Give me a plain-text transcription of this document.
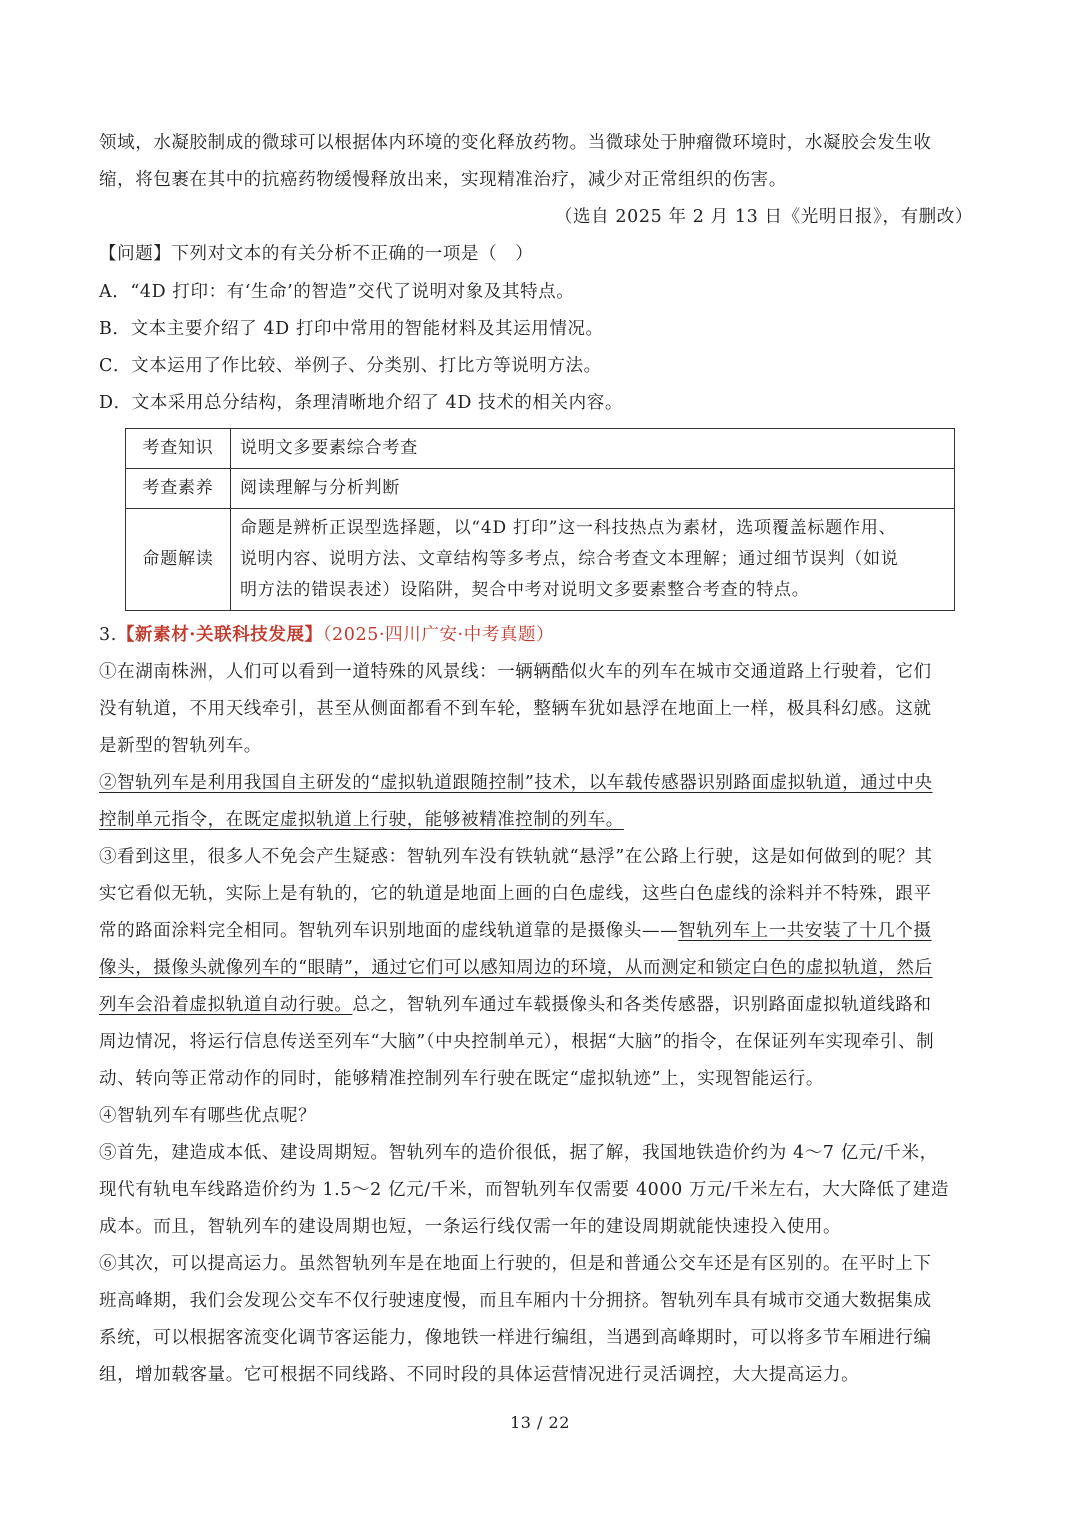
领域，水凝胶制成的微球可以根据体内环境的变化释放药物。当微球处于肿瘤微环境时，水凝胶会发生收
缩，将包裹在其中的抗癌药物缓慢释放出来，实现精准治疗，减少对正常组织的伤害。
（选自 2025 年 2 月 13 日《光明日报》，有删改）
【问题】下列对文本的有关分析不正确的一项是（　）
A．“4D 打印：有‘生命’的智造”交代了说明对象及其特点。
B．文本主要介绍了 4D 打印中常用的智能材料及其运用情况。
C．文本运用了作比较、举例子、分类别、打比方等说明方法。
D．文本采用总分结构，条理清晰地介绍了 4D 技术的相关内容。
考查知识	说明文多要素综合考查
考查素养	阅读理解与分析判断
命题解读	命题是辨析正误型选择题，以“4D 打印”这一科技热点为素材，选项覆盖标题作用、
说明内容、说明方法、文章结构等多考点，综合考查文本理解；通过细节误判（如说
明方法的错误表述）设陷阱，契合中考对说明文多要素整合考查的特点。
3.【新素材·关联科技发展】（2025·四川广安·中考真题）
①在湖南株洲，人们可以看到一道特殊的风景线：一辆辆酷似火车的列车在城市交通道路上行驶着，它们
没有轨道，不用天线牵引，甚至从侧面都看不到车轮，整辆车犹如悬浮在地面上一样，极具科幻感。这就
是新型的智轨列车。
②智轨列车是利用我国自主研发的“虚拟轨道跟随控制”技术，以车载传感器识别路面虚拟轨道，通过中央
控制单元指令，在既定虚拟轨道上行驶，能够被精准控制的列车。
③看到这里，很多人不免会产生疑惑：智轨列车没有铁轨就“悬浮”在公路上行驶，这是如何做到的呢？其
实它看似无轨，实际上是有轨的，它的轨道是地面上画的白色虚线，这些白色虚线的涂料并不特殊，跟平
常的路面涂料完全相同。智轨列车识别地面的虚线轨道靠的是摄像头——智轨列车上一共安装了十几个摄
像头，摄像头就像列车的“眼睛”，通过它们可以感知周边的环境，从而测定和锁定白色的虚拟轨道，然后
列车会沿着虚拟轨道自动行驶。总之，智轨列车通过车载摄像头和各类传感器，识别路面虚拟轨道线路和
周边情况，将运行信息传送至列车“大脑”（中央控制单元），根据“大脑”的指令，在保证列车实现牵引、制
动、转向等正常动作的同时，能够精准控制列车行驶在既定“虚拟轨迹”上，实现智能运行。
④智轨列车有哪些优点呢？
⑤首先，建造成本低、建设周期短。智轨列车的造价很低，据了解，我国地铁造价约为 4～7 亿元/千米，
现代有轨电车线路造价约为 1.5～2 亿元/千米，而智轨列车仅需要 4000 万元/千米左右，大大降低了建造
成本。而且，智轨列车的建设周期也短，一条运行线仅需一年的建设周期就能快速投入使用。
⑥其次，可以提高运力。虽然智轨列车是在地面上行驶的，但是和普通公交车还是有区别的。在平时上下
班高峰期，我们会发现公交车不仅行驶速度慢，而且车厢内十分拥挤。智轨列车具有城市交通大数据集成
系统，可以根据客流变化调节客运能力，像地铁一样进行编组，当遇到高峰期时，可以将多节车厢进行编
组，增加载客量。它可根据不同线路、不同时段的具体运营情况进行灵活调控，大大提高运力。
13 / 22
